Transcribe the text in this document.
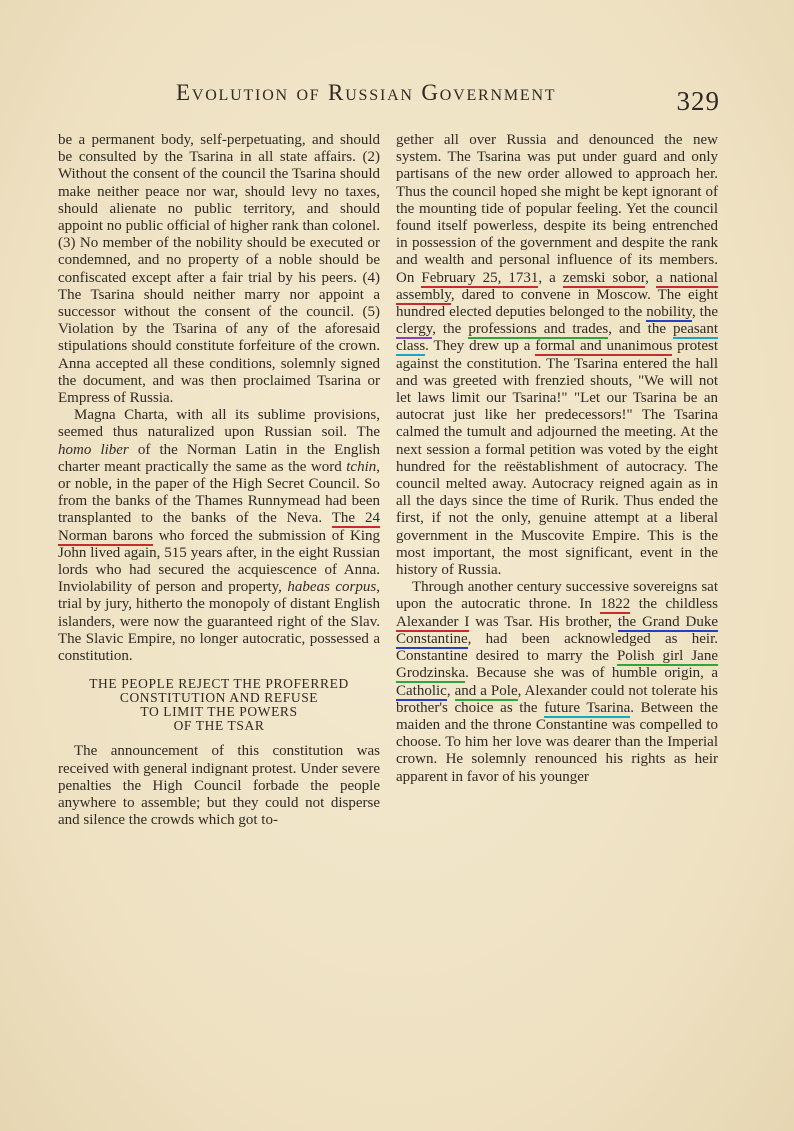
Evolution of Russian Government	329

be a permanent body, self-perpetuating, and should be consulted by the Tsarina in all state affairs. (2) Without the consent of the council the Tsarina should make neither peace nor war, should levy no taxes, should alienate no public territory, and should appoint no public official of higher rank than colonel. (3) No member of the nobility should be executed or condemned, and no property of a noble should be confiscated except after a fair trial by his peers. (4) The Tsarina should neither marry nor appoint a successor without the consent of the council. (5) Violation by the Tsarina of any of the aforesaid stipulations should constitute forfeiture of the crown. Anna accepted all these conditions, solemnly signed the document, and was then proclaimed Tsarina or Empress of Russia.

Magna Charta, with all its sublime provisions, seemed thus naturalized upon Russian soil. The homo liber of the Norman Latin in the English charter meant practically the same as the word tchin, or noble, in the paper of the High Secret Council. So from the banks of the Thames Runnymead had been transplanted to the banks of the Neva. The 24 Norman barons who forced the submission of King John lived again, 515 years after, in the eight Russian lords who had secured the acquiescence of Anna. Inviolability of person and property, habeas corpus, trial by jury, hitherto the monopoly of distant English islanders, were now the guaranteed right of the Slav. The Slavic Empire, no longer autocratic, possessed a constitution.

THE PEOPLE REJECT THE PROFERRED
CONSTITUTION AND REFUSE
TO LIMIT THE POWERS
OF THE TSAR

The announcement of this constitution was received with general indignant protest. Under severe penalties the High Council forbade the people anywhere to assemble; but they could not disperse and silence the crowds which got to-

gether all over Russia and denounced the new system. The Tsarina was put under guard and only partisans of the new order allowed to approach her. Thus the council hoped she might be kept ignorant of the mounting tide of popular feeling. Yet the council found itself powerless, despite its being entrenched in possession of the government and despite the rank and wealth and personal influence of its members. On February 25, 1731, a zemski sobor, a national assembly, dared to convene in Moscow. The eight hundred elected deputies belonged to the nobility, the clergy, the professions and trades, and the peasant class. They drew up a formal and unanimous protest against the constitution. The Tsarina entered the hall and was greeted with frenzied shouts, "We will not let laws limit our Tsarina!" "Let our Tsarina be an autocrat just like her predecessors!" The Tsarina calmed the tumult and adjourned the meeting. At the next session a formal petition was voted by the eight hundred for the reëstablishment of autocracy. The council melted away. Autocracy reigned again as in all the days since the time of Rurik. Thus ended the first, if not the only, genuine attempt at a liberal government in the Muscovite Empire. This is the most important, the most significant, event in the history of Russia.

Through another century successive sovereigns sat upon the autocratic throne. In 1822 the childless Alexander I was Tsar. His brother, the Grand Duke Constantine, had been acknowledged as heir. Constantine desired to marry the Polish girl Jane Grodzinska. Because she was of humble origin, a Catholic, and a Pole, Alexander could not tolerate his brother's choice as the future Tsarina. Between the maiden and the throne Constantine was compelled to choose. To him her love was dearer than the Imperial crown. He solemnly renounced his rights as heir apparent in favor of his younger
